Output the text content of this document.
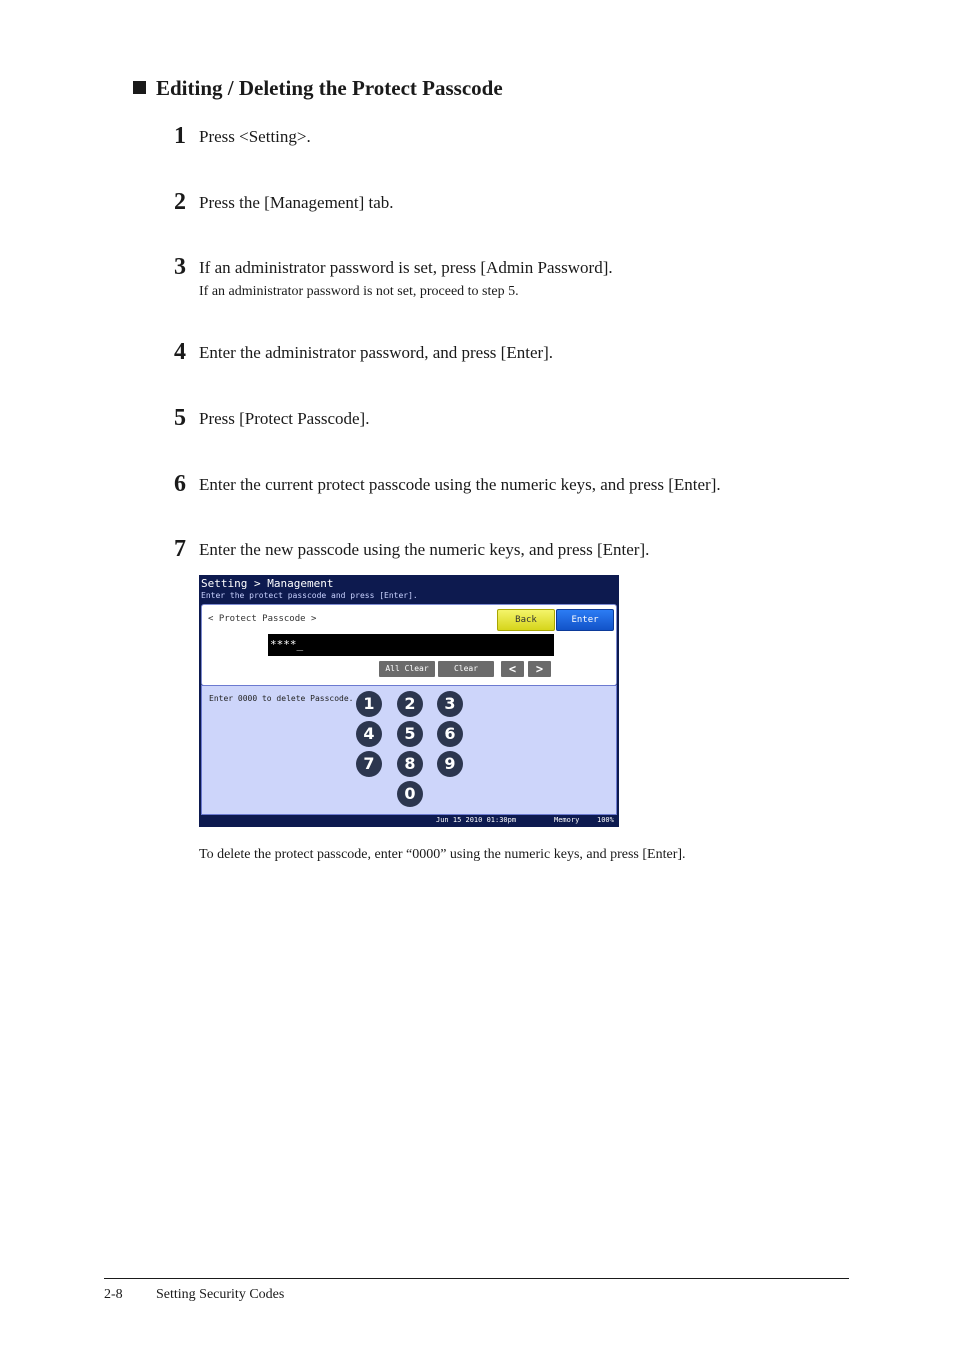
Editing / Deleting the Protect Passcode
1 Press <Setting>.
2 Press the [Management] tab.
3 If an administrator password is set, press [Admin Password].
If an administrator password is not set, proceed to step 5.
4 Enter the administrator password, and press [Enter].
5 Press [Protect Passcode].
6 Enter the current protect passcode using the numeric keys, and press [Enter].
7 Enter the new passcode using the numeric keys, and press [Enter].
Setting > Management
Enter the protect passcode and press [Enter].
< Protect Passcode >	Back	Enter
****_
All Clear	Clear	<	>
Enter 0000 to delete Passcode. 1	2	3
4	5	6
7	8	9
0
Jun 15 2010 01:30pm	Memory	100%
To delete the protect passcode, enter “0000” using the numeric keys, and press [Enter].
2-8 Setting Security Codes
